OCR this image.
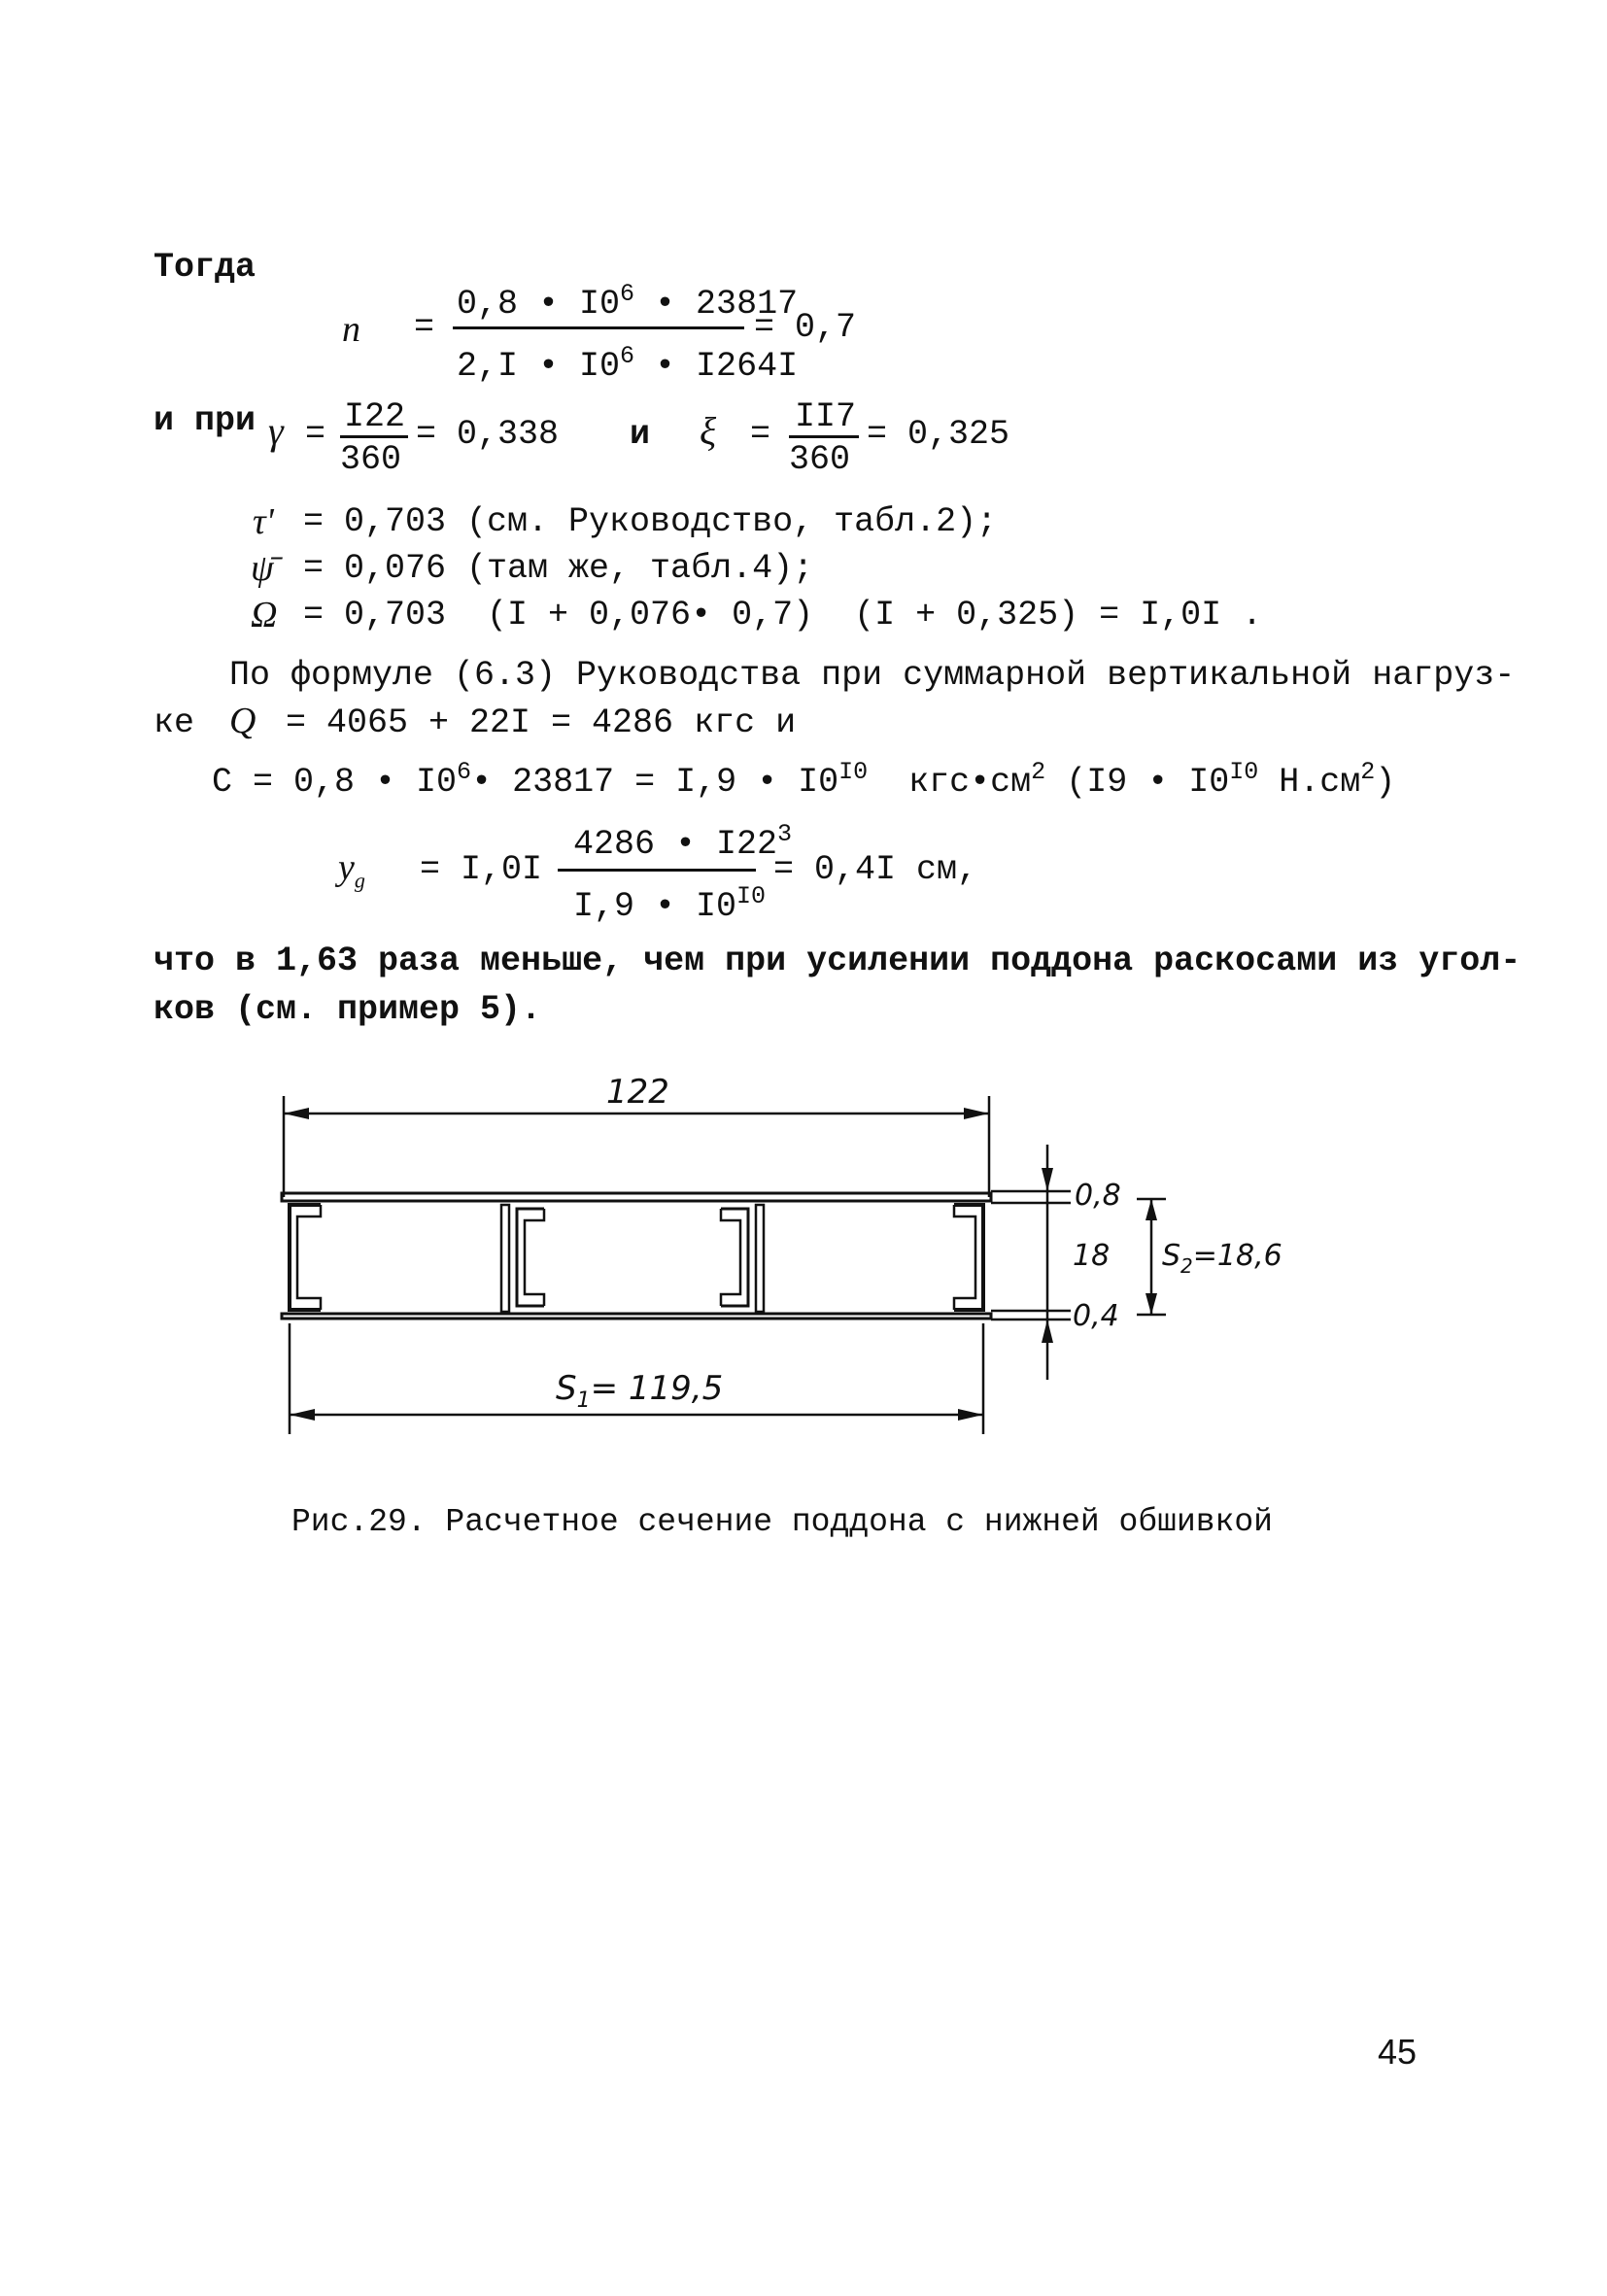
Тогда
n =
0,8 • $I0^6$ • 23817
2,I • $I0^6$ • I264I
= 0,7
и при γ = I22
360
= 0,338 и ξ = II7
360
= 0,325
τ' = 0,703 (см. Руководство, табл.2);
ψ̄ = 0,076 (там же, табл.4);
Ω = 0,703  (I + 0,076• 0,7)  (I + 0,325) = I,0I .
По формуле (6.3) Руководства при суммарной вертикальной нагруз-
ке Q = 4065 + 22I = 4286 кгс и
C = 0,8 • $I0^6•$ 23817 = I,9 • $I0^{I0}$  $кгс•см^2$ (I9 • $I0^{I0}$ $Н.см^2$)
$y_g = I,0I$
4286 • $I22^3$
I,9 • $I0^{I0}$
= 0,4I см,
что в 1,63 раза меньше, чем при усилении поддона раскосами из угол-
ков (см. пример 5).
122
0,8
18
0,4
$S_2=18,6$
$S_1= 119,5$
Рис.29. Расчетное сечение поддона с нижней обшивкой
45
